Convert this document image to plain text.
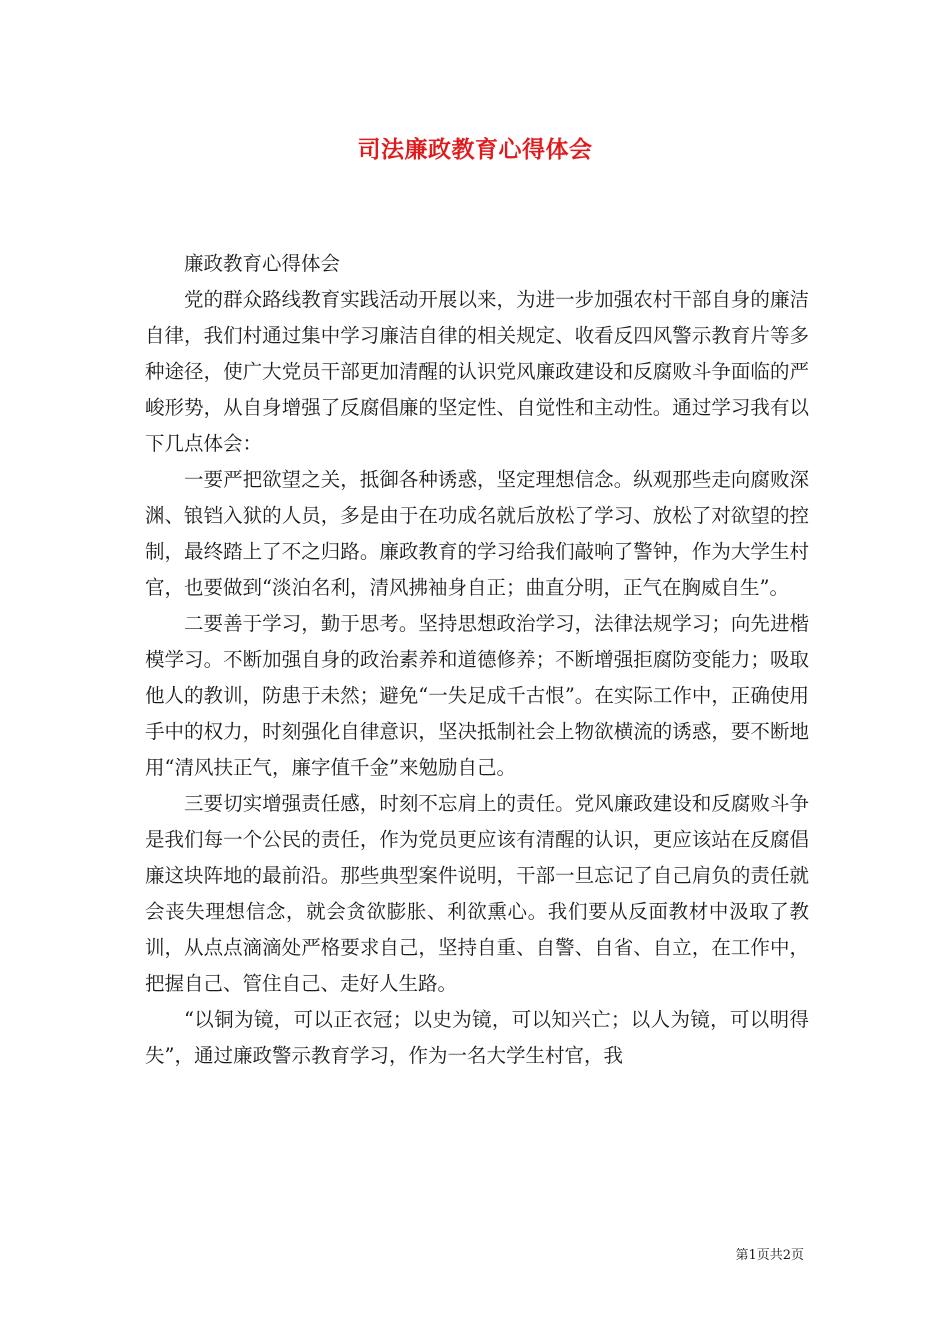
司法廉政教育心得体会

廉政教育心得体会

党的群众路线教育实践活动开展以来，为进一步加强农村干部自身的廉洁自律，我们村通过集中学习廉洁自律的相关规定、收看反四风警示教育片等多种途径，使广大党员干部更加清醒的认识党风廉政建设和反腐败斗争面临的严峻形势，从自身增强了反腐倡廉的坚定性、自觉性和主动性。通过学习我有以下几点体会：

一要严把欲望之关，抵御各种诱惑，坚定理想信念。纵观那些走向腐败深渊、锒铛入狱的人员，多是由于在功成名就后放松了学习、放松了对欲望的控制，最终踏上了不之归路。廉政教育的学习给我们敲响了警钟，作为大学生村官，也要做到“淡泊名利，清风拂袖身自正；曲直分明，正气在胸威自生”。

二要善于学习，勤于思考。坚持思想政治学习，法律法规学习；向先进楷模学习。不断加强自身的政治素养和道德修养；不断增强拒腐防变能力；吸取他人的教训，防患于未然；避免“一失足成千古恨”。在实际工作中，正确使用手中的权力，时刻强化自律意识，坚决抵制社会上物欲横流的诱惑，要不断地用“清风扶正气，廉字值千金”来勉励自己。

三要切实增强责任感，时刻不忘肩上的责任。党风廉政建设和反腐败斗争是我们每一个公民的责任，作为党员更应该有清醒的认识，更应该站在反腐倡廉这块阵地的最前沿。那些典型案件说明，干部一旦忘记了自己肩负的责任就会丧失理想信念，就会贪欲膨胀、利欲熏心。我们要从反面教材中汲取了教训，从点点滴滴处严格要求自己，坚持自重、自警、自省、自立，在工作中，把握自己、管住自己、走好人生路。

“以铜为镜，可以正衣冠；以史为镜，可以知兴亡；以人为镜，可以明得失”，通过廉政警示教育学习，作为一名大学生村官，我

第1页共2页
